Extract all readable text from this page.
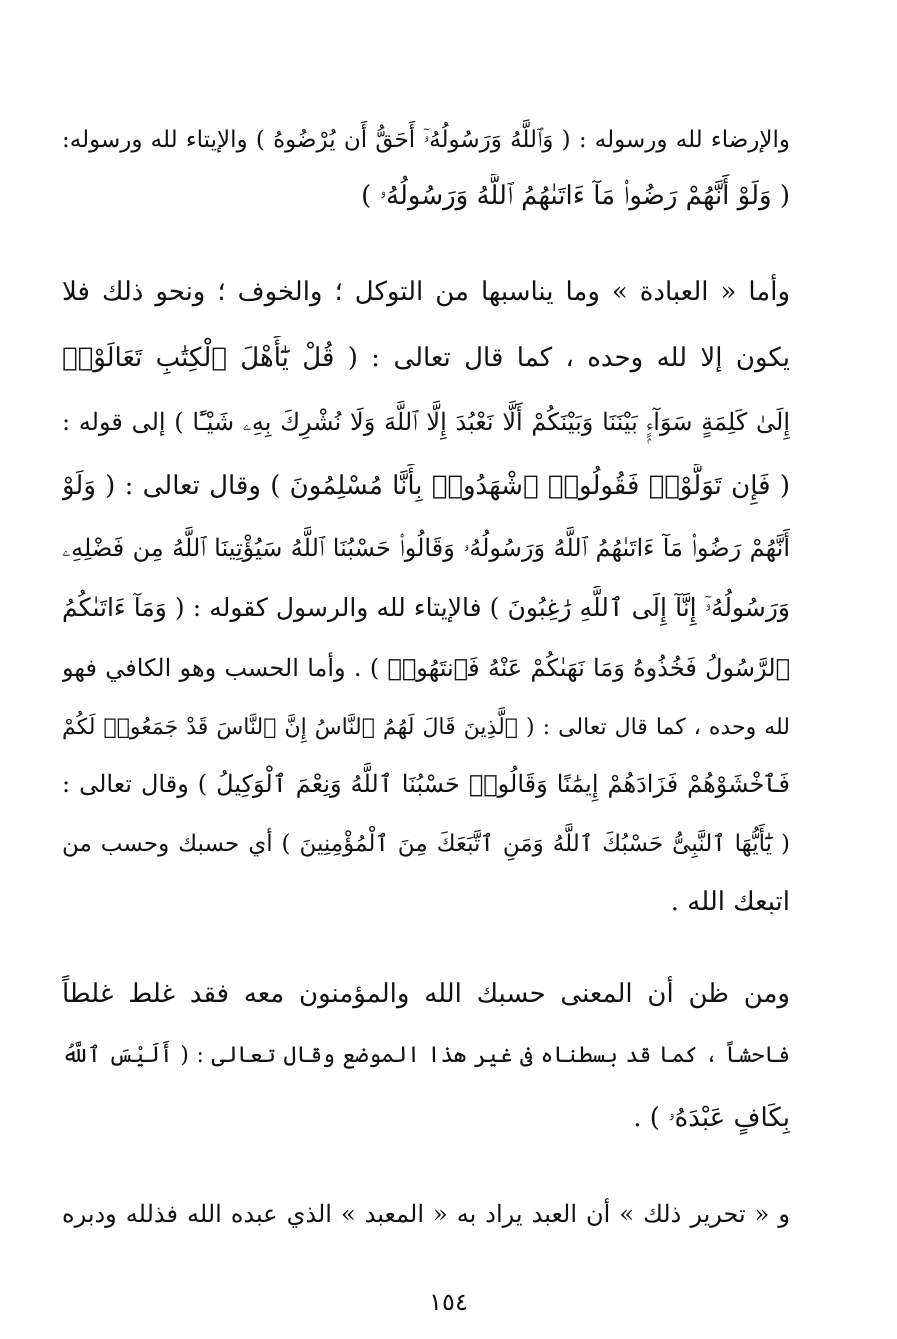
والإرضاء لله ورسوله : ( وَٱللَّهُ وَرَسُولُهُۥٓ أَحَقُّ أَن يُرْضُوهُ ) والإيتاء لله ورسوله:
( وَلَوْ أَنَّهُمْ رَضُوا۟ مَآ ءَاتَىٰهُمُ ٱللَّهُ وَرَسُولُهُۥ )
وأما « العبادة » وما يناسبها من التوكل ؛ والخوف ؛ ونحو ذلك فلا
يكون إلا لله وحده ، كما قال تعالى : ( قُلْ يَٰٓأَهْلَ ٱلْكِتَٰبِ تَعَالَوْا۟
إِلَىٰ كَلِمَةٍ سَوَآءٍۭ بَيْنَنَا وَبَيْنَكُمْ أَلَّا نَعْبُدَ إِلَّا ٱللَّهَ وَلَا نُشْرِكَ بِهِۦ شَيْـًٔا ) إلى قوله :
( فَإِن تَوَلَّوْا۟ فَقُولُوا۟ ٱشْهَدُوا۟ بِأَنَّا مُسْلِمُونَ ) وقال تعالى : ( وَلَوْ
أَنَّهُمْ رَضُوا۟ مَآ ءَاتَىٰهُمُ ٱللَّهُ وَرَسُولُهُۥ وَقَالُوا۟ حَسْبُنَا ٱللَّهُ سَيُؤْتِينَا ٱللَّهُ مِن فَضْلِهِۦ
وَرَسُولُهُۥٓ إِنَّآ إِلَى ٱللَّهِ رَٰغِبُونَ ) فالإيتاء لله والرسول كقوله : ( وَمَآ ءَاتَىٰكُمُ
ٱلرَّسُولُ فَخُذُوهُ وَمَا نَهَىٰكُمْ عَنْهُ فَٱنتَهُوا۟ ) . وأما الحسب وهو الكافي فهو
لله وحده ، كما قال تعالى : ( ٱلَّذِينَ قَالَ لَهُمُ ٱلنَّاسُ إِنَّ ٱلنَّاسَ قَدْ جَمَعُوا۟ لَكُمْ
فَٱخْشَوْهُمْ فَزَادَهُمْ إِيمَٰنًا وَقَالُوا۟ حَسْبُنَا ٱللَّهُ وَنِعْمَ ٱلْوَكِيلُ ) وقال تعالى :
( يَٰٓأَيُّهَا ٱلنَّبِىُّ حَسْبُكَ ٱللَّهُ وَمَنِ ٱتَّبَعَكَ مِنَ ٱلْمُؤْمِنِينَ ) أي حسبك وحسب من
اتبعك الله .
ومن ظن أن المعنى حسبك الله والمؤمنون معه فقد غلط غلطاً
فاحشاً ، كما قد بسطناه فى غير هذا الموضع وقال تعالى : ( أَلَيْسَ ٱللَّهُ
بِكَافٍ عَبْدَهُۥ ) .
و « تحرير ذلك » أن العبد يراد به « المعبد » الذي عبده الله فذلله ودبره
١٥٤
